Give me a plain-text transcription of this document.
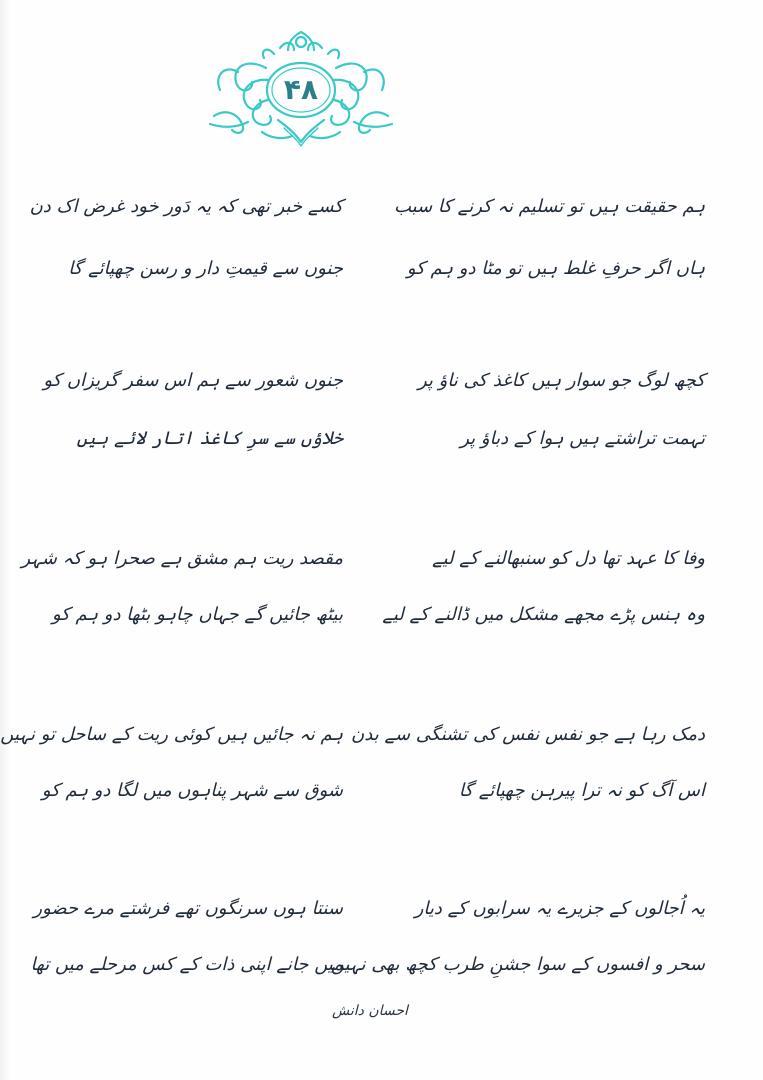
۴۸
ہم حقیقت ہیں تو تسلیم نہ کرنے کا سبب
ہاں اگر حرفِ غلط ہیں تو مٹا دو ہم کو
کسے خبر تھی کہ یہ دَور خود غرض اک دن
جنوں سے قیمتِ دار و رسن چھپائے گا
کچھ لوگ جو سوار ہیں کاغذ کی ناؤ پر
تہمت تراشتے ہیں ہوا کے دباؤ پر
جنوں شعور سے ہم اس سفر گریزاں کو
خلاؤں سے سرِ کاغذ اتار لائے ہیں
وفا کا عہد تھا دل کو سنبھالنے کے لیے
وہ ہنس پڑے مجھے مشکل میں ڈالنے کے لیے
مقصد ریت ہم مشق ہے صحرا ہو کہ شہر
بیٹھ جائیں گے جہاں چاہو بٹھا دو ہم کو
دمک رہا ہے جو نفس نفس کی تشنگی سے بدن
اس آگ کو نہ ترا پیرہن چھپائے گا
ہم نہ جائیں ہیں کوئی ریت کے ساحل تو نہیں
شوق سے شہر پناہوں میں لگا دو ہم کو
یہ اُجالوں کے جزیرے یہ سرابوں کے دیار
سحر و افسوں کے سوا جشنِ طرب کچھ بھی نہیں
سنتا ہوں سرنگوں تھے فرشتے مرے حضور
میں جانے اپنی ذات کے کس مرحلے میں تھا
احسان دانش
